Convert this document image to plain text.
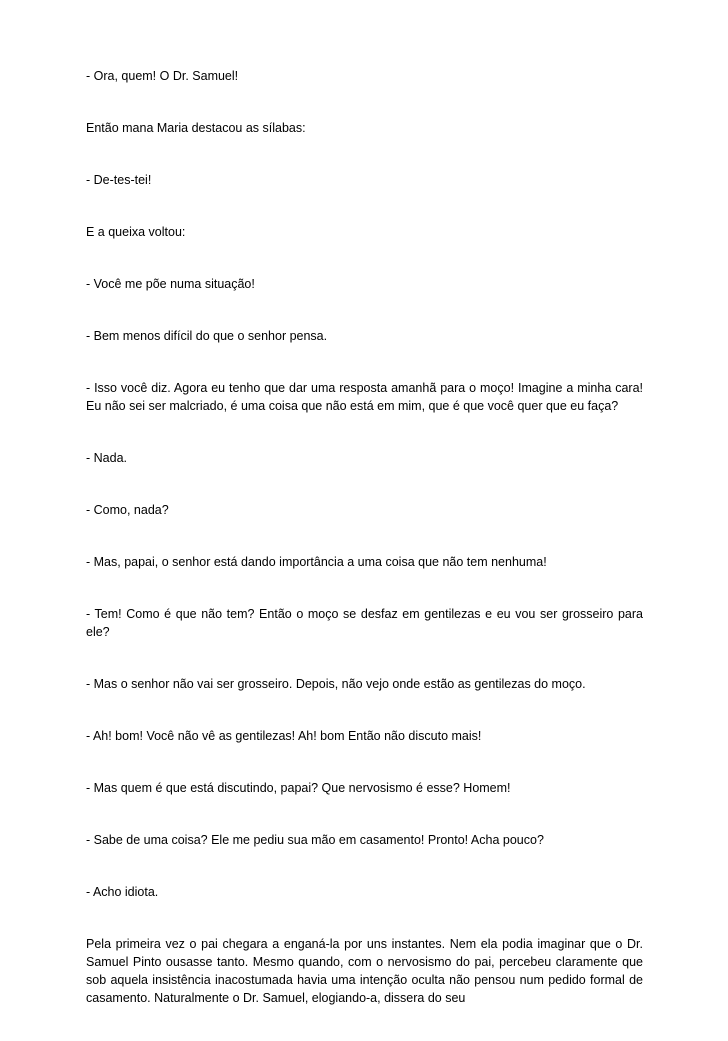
- Ora, quem! O Dr. Samuel!

Então mana Maria destacou as sílabas:

- De-tes-tei!

E a queixa voltou:

- Você me põe numa situação!

- Bem menos difícil do que o senhor pensa.

- Isso você diz. Agora eu tenho que dar uma resposta amanhã para o moço! Imagine a minha cara! Eu não sei ser malcriado, é uma coisa que não está em mim, que é que você quer que eu faça?

- Nada.

- Como, nada?

- Mas, papai, o senhor está dando importância a uma coisa que não tem nenhuma!

- Tem! Como é que não tem? Então o moço se desfaz em gentilezas e eu vou ser grosseiro para ele?

- Mas o senhor não vai ser grosseiro. Depois, não vejo onde estão as gentilezas do moço.

- Ah! bom! Você não vê as gentilezas! Ah! bom Então não discuto mais!

- Mas quem é que está discutindo, papai? Que nervosismo é esse? Homem!

- Sabe de uma coisa? Ele me pediu sua mão em casamento! Pronto! Acha pouco?

- Acho idiota.

Pela primeira vez o pai chegara a enganá-la por uns instantes. Nem ela podia imaginar que o Dr. Samuel Pinto ousasse tanto. Mesmo quando, com o nervosismo do pai, percebeu claramente que sob aquela insistência inacostumada havia uma intenção oculta não pensou num pedido formal de casamento. Naturalmente o Dr. Samuel, elogiando-a, dissera do seu
